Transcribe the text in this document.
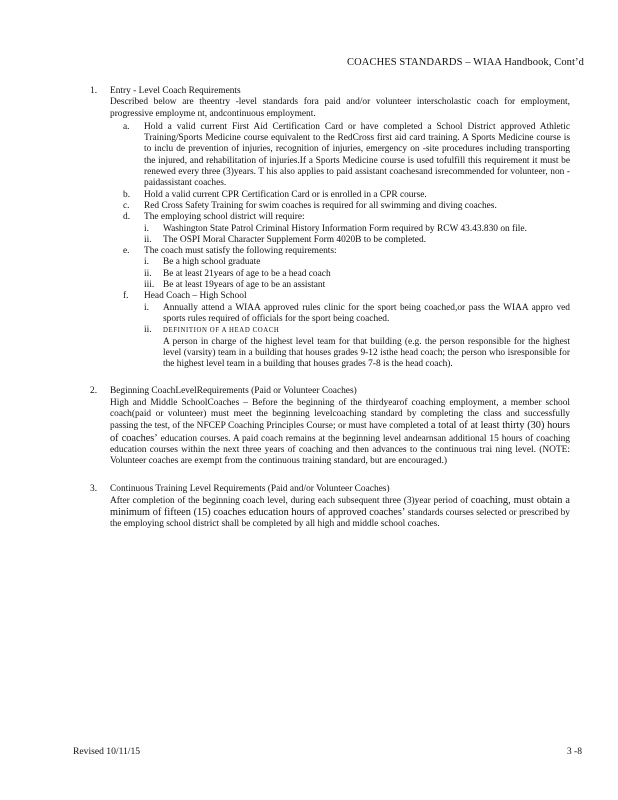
COACHES STANDARDS – WIAA Handbook, Cont’d
1. Entry - Level Coach Requirements

Described below are theentry -level standards fora paid and/or volunteer interscholastic coach for employment, progressive employme nt, andcontinuous employment.

a. Hold a valid current First Aid Certification Card or have completed a School District approved Athletic Training/Sports Medicine course equivalent to the RedCross first aid card training. A Sports Medicine course is to inclu de prevention of injuries, recognition of injuries, emergency on -site procedures including transporting the injured, and rehabilitation of injuries.If a Sports Medicine course is used tofulfill this requirement it must be renewed every three (3)years. T his also applies to paid assistant coachesand isrecommended for volunteer, non -paidassistant coaches.
b. Hold a valid current CPR Certification Card or is enrolled in a CPR course.
c. Red Cross Safety Training for swim coaches is required for all swimming and diving coaches.
d. The employing school district will require:
i. Washington State Patrol Criminal History Information Form required by RCW 43.43.830 on file.
ii. The OSPI Moral Character Supplement Form 4020B to be completed.
e. The coach must satisfy the following requirements:
i. Be a high school graduate
ii. Be at least 21years of age to be a head coach
iii. Be at least 19years of age to be an assistant
f. Head Coach – High School
i. Annually attend a WIAA approved rules clinic for the sport being coached,or pass the WIAA appro ved sports rules required of officials for the sport being coached.
ii. DEFINITION OF A HEAD COACH
A person in charge of the highest level team for that building (e.g. the person responsible for the highest level (varsity) team in a building that houses grades 9-12 isthe head coach; the person who isresponsible for the highest level team in a building that houses grades 7-8 is the head coach).
2. Beginning CoachLevelRequirements (Paid or Volunteer Coaches)

High and Middle SchoolCoaches – Before the beginning of the thirdyearof coaching employment, a member school coach(paid or volunteer) must meet the beginning levelcoaching standard by completing the class and successfully passing the test, of the NFCEP Coaching Principles Course; or must have completed a total of at least thirty (30) hours of coaches’ education courses. A paid coach remains at the beginning level andearnsan additional 15 hours of coaching education courses within the next three years of coaching and then advances to the continuous trai ning level. (NOTE: Volunteer coaches are exempt from the continuous training standard, but are encouraged.)

3. Continuous Training Level Requirements (Paid and/or Volunteer Coaches)

After completion of the beginning coach level, during each subsequent three (3)year period of coaching, must obtain a minimum of fifteen (15) coaches education hours of approved coaches’ standards courses selected or prescribed by the employing school district shall be completed by all high and middle school coaches.

Revised 10/11/15	3 -8
